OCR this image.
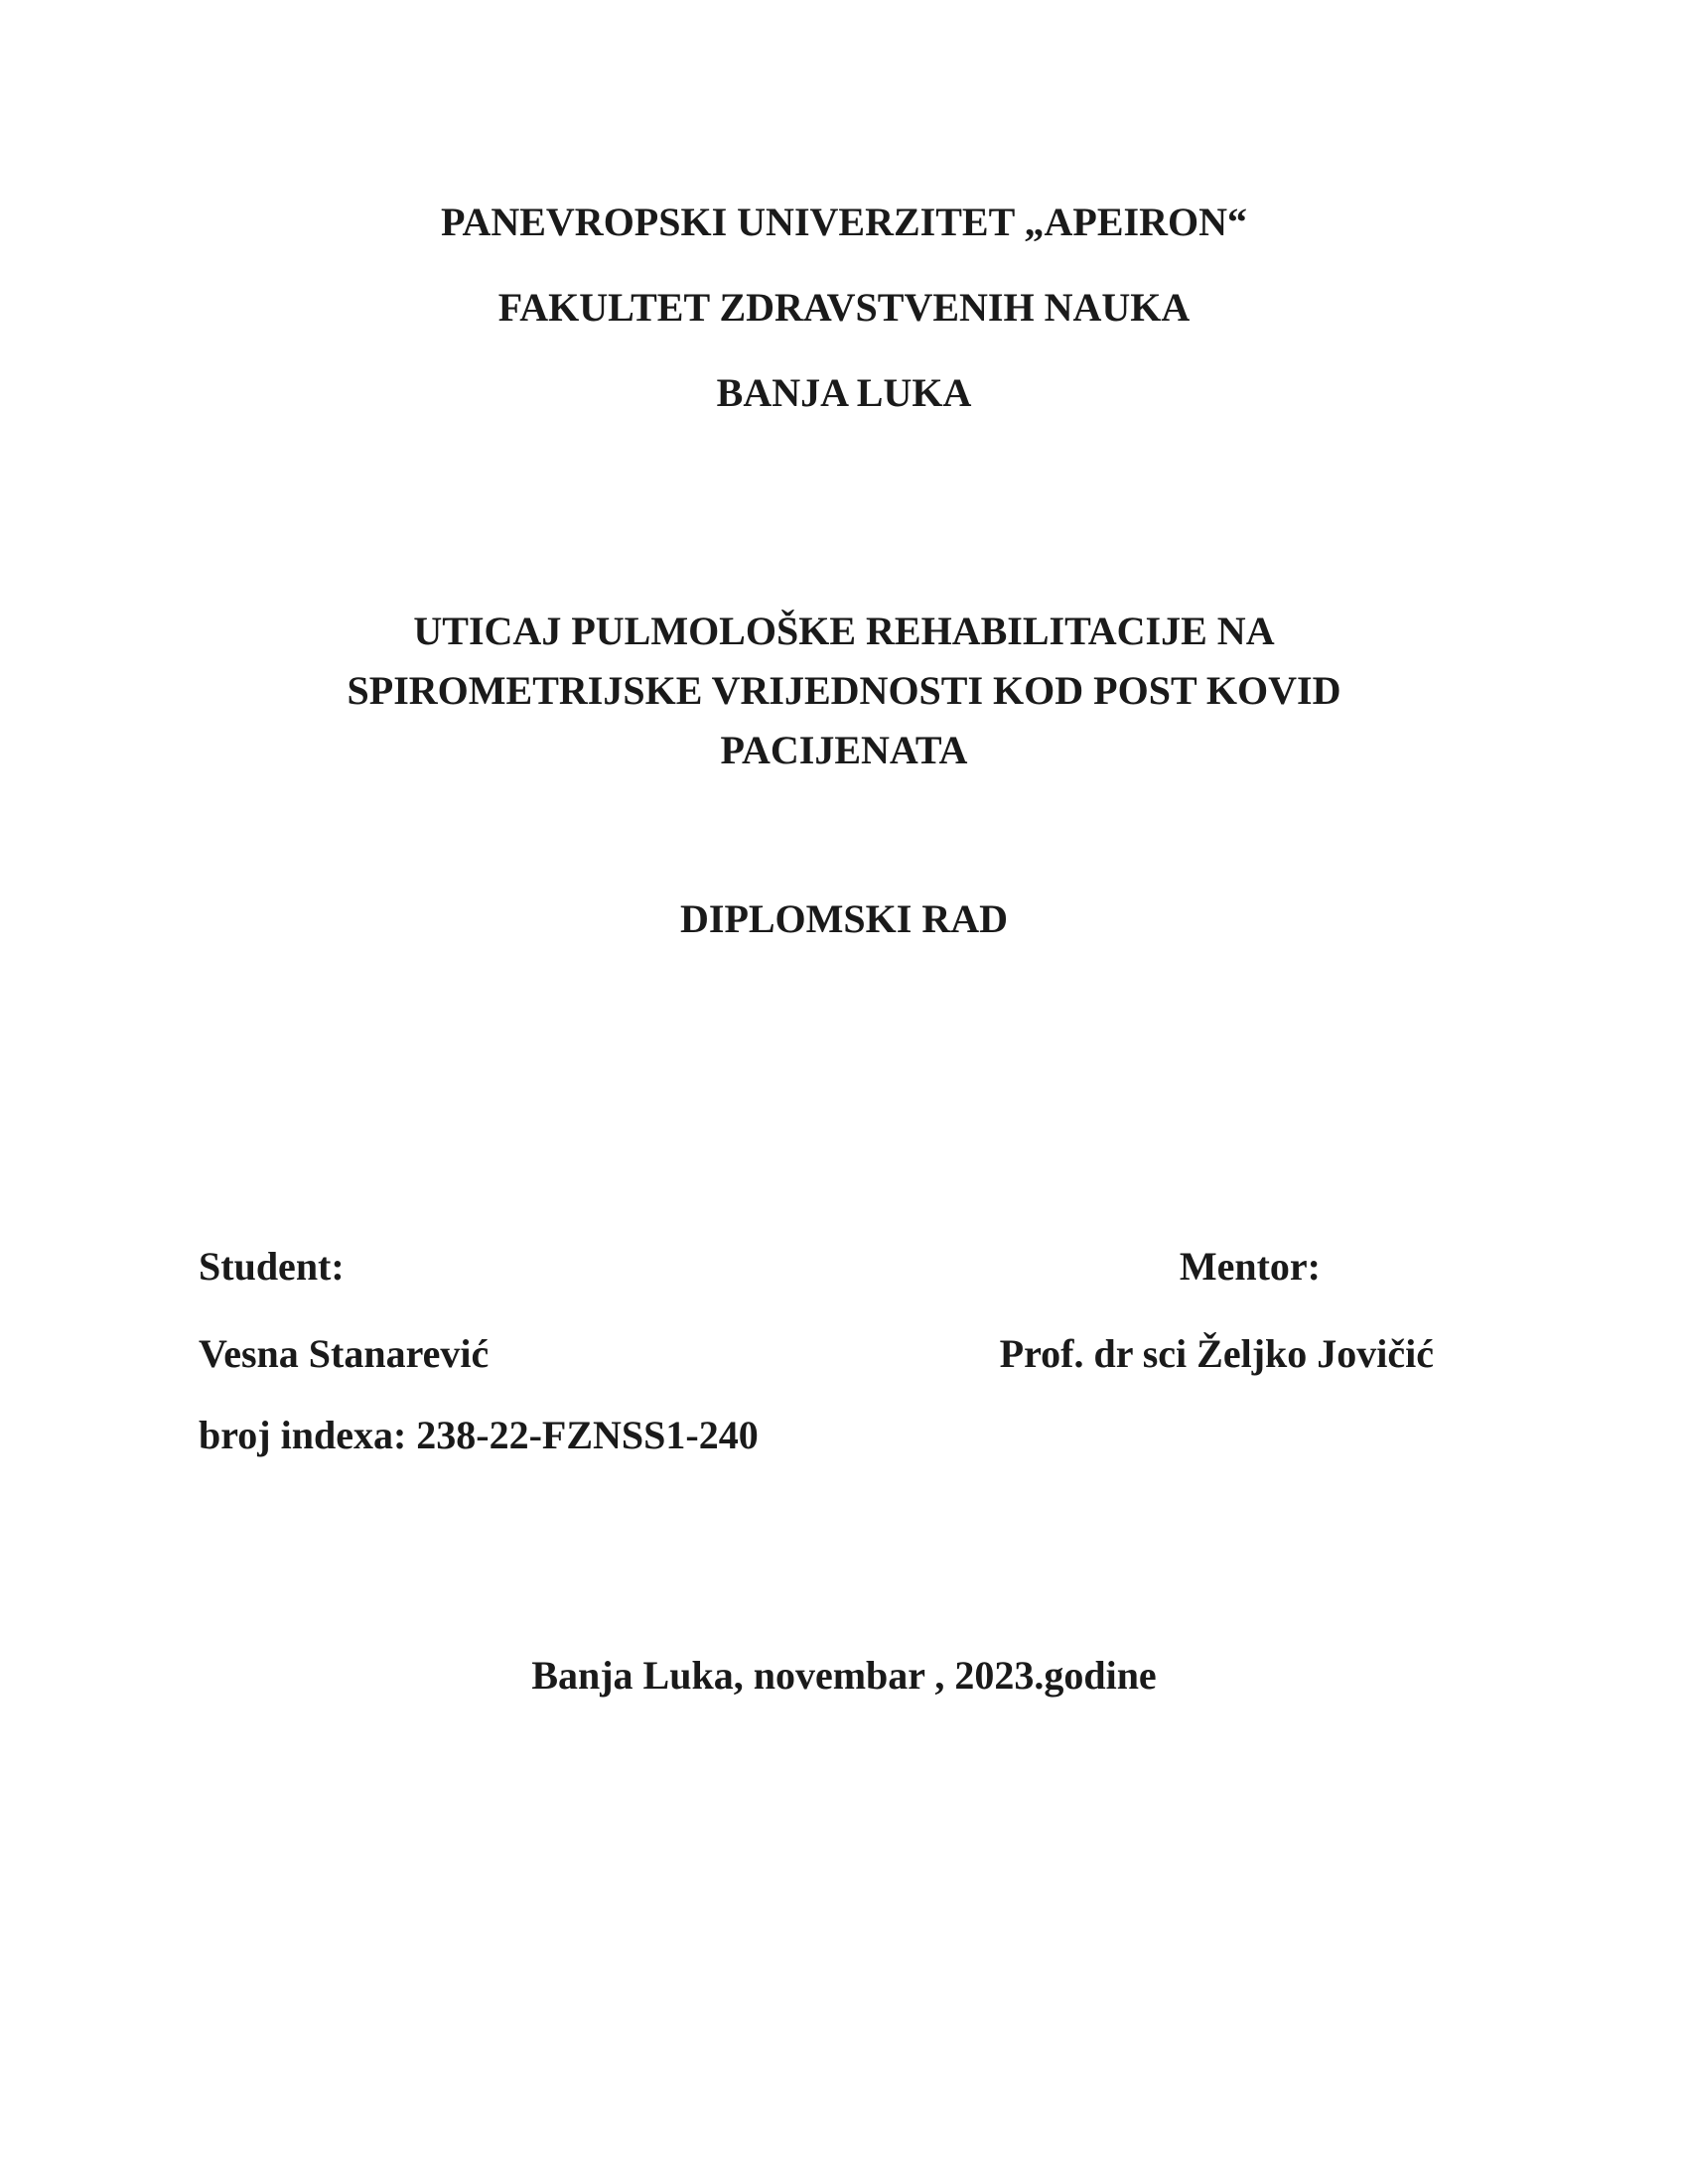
PANEVROPSKI UNIVERZITET „APEIRON“
FAKULTET ZDRAVSTVENIH NAUKA
BANJA LUKA
UTICAJ PULMOLOŠKE REHABILITACIJE NA
SPIROMETRIJSKE VRIJEDNOSTI KOD POST KOVID
PACIJENATA
DIPLOMSKI RAD
Student:
Vesna Stanarević
broj indexa: 238-22-FZNSS1-240
Mentor:
Prof. dr sci Željko Jovičić
Banja Luka, novembar , 2023.godine
